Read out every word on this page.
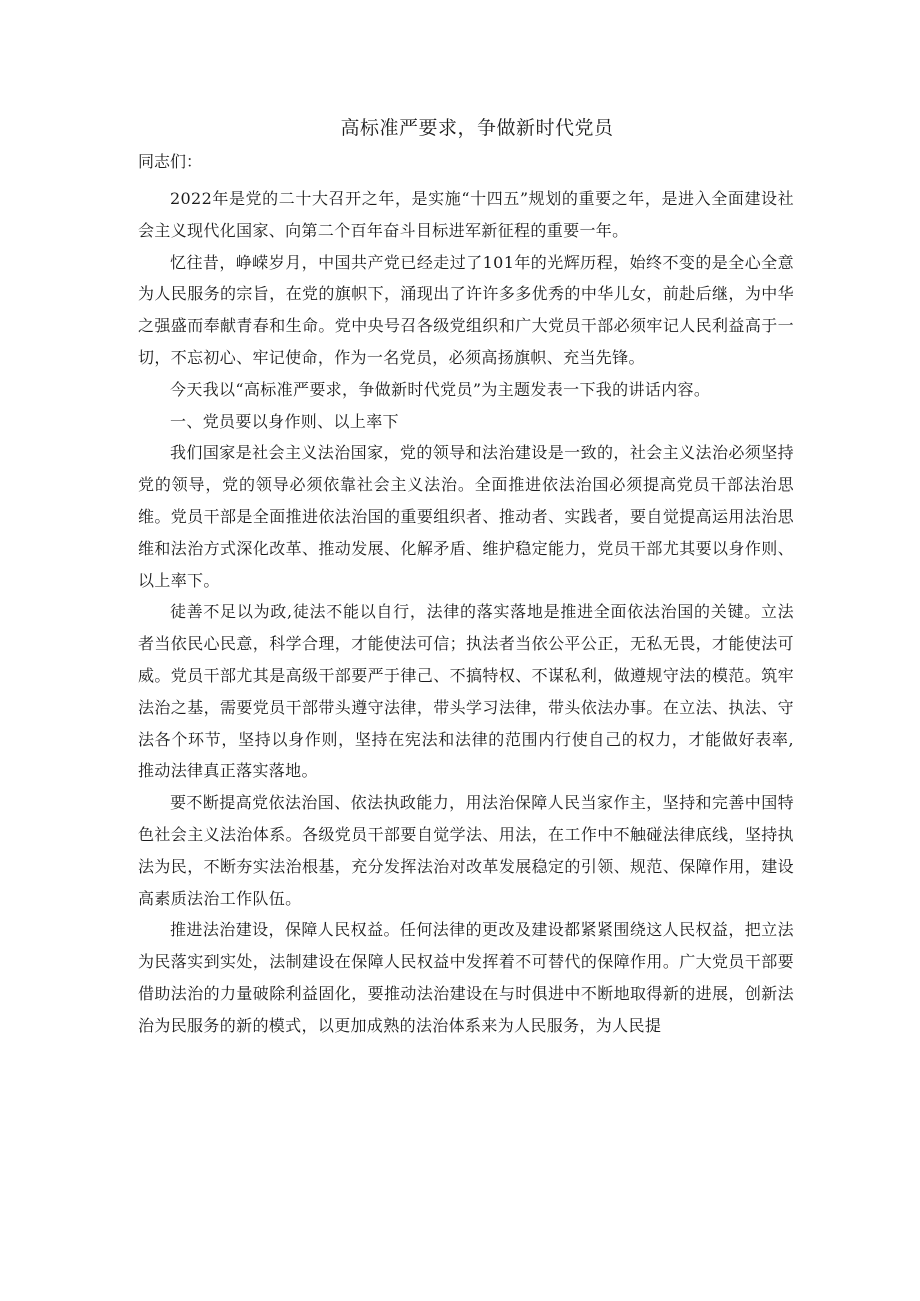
高标准严要求，争做新时代党员

同志们：

2022年是党的二十大召开之年，是实施“十四五”规划的重要之年，是进入全面建设社会主义现代化国家、向第二个百年奋斗目标进军新征程的重要一年。

忆往昔，峥嵘岁月，中国共产党已经走过了101年的光辉历程，始终不变的是全心全意为人民服务的宗旨，在党的旗帜下，涌现出了许许多多优秀的中华儿女，前赴后继，为中华之强盛而奉献青春和生命。党中央号召各级党组织和广大党员干部必须牢记人民利益高于一切，不忘初心、牢记使命，作为一名党员，必须高扬旗帜、充当先锋。

今天我以“高标准严要求，争做新时代党员”为主题发表一下我的讲话内容。

一、党员要以身作则、以上率下

我们国家是社会主义法治国家，党的领导和法治建设是一致的，社会主义法治必须坚持党的领导，党的领导必须依靠社会主义法治。全面推进依法治国必须提高党员干部法治思维。党员干部是全面推进依法治国的重要组织者、推动者、实践者，要自觉提高运用法治思维和法治方式深化改革、推动发展、化解矛盾、维护稳定能力，党员干部尤其要以身作则、以上率下。

徒善不足以为政,徒法不能以自行，法律的落实落地是推进全面依法治国的关键。立法者当依民心民意，科学合理，才能使法可信；执法者当依公平公正，无私无畏，才能使法可威。党员干部尤其是高级干部要严于律己、不搞特权、不谋私利，做遵规守法的模范。筑牢法治之基，需要党员干部带头遵守法律，带头学习法律，带头依法办事。在立法、执法、守法各个环节，坚持以身作则，坚持在宪法和法律的范围内行使自己的权力，才能做好表率,推动法律真正落实落地。

要不断提高党依法治国、依法执政能力，用法治保障人民当家作主，坚持和完善中国特色社会主义法治体系。各级党员干部要自觉学法、用法，在工作中不触碰法律底线，坚持执法为民，不断夯实法治根基，充分发挥法治对改革发展稳定的引领、规范、保障作用，建设高素质法治工作队伍。

推进法治建设，保障人民权益。任何法律的更改及建设都紧紧围绕这人民权益，把立法为民落实到实处，法制建设在保障人民权益中发挥着不可替代的保障作用。广大党员干部要借助法治的力量破除利益固化，要推动法治建设在与时俱进中不断地取得新的进展，创新法治为民服务的新的模式，以更加成熟的法治体系来为人民服务，为人民提
